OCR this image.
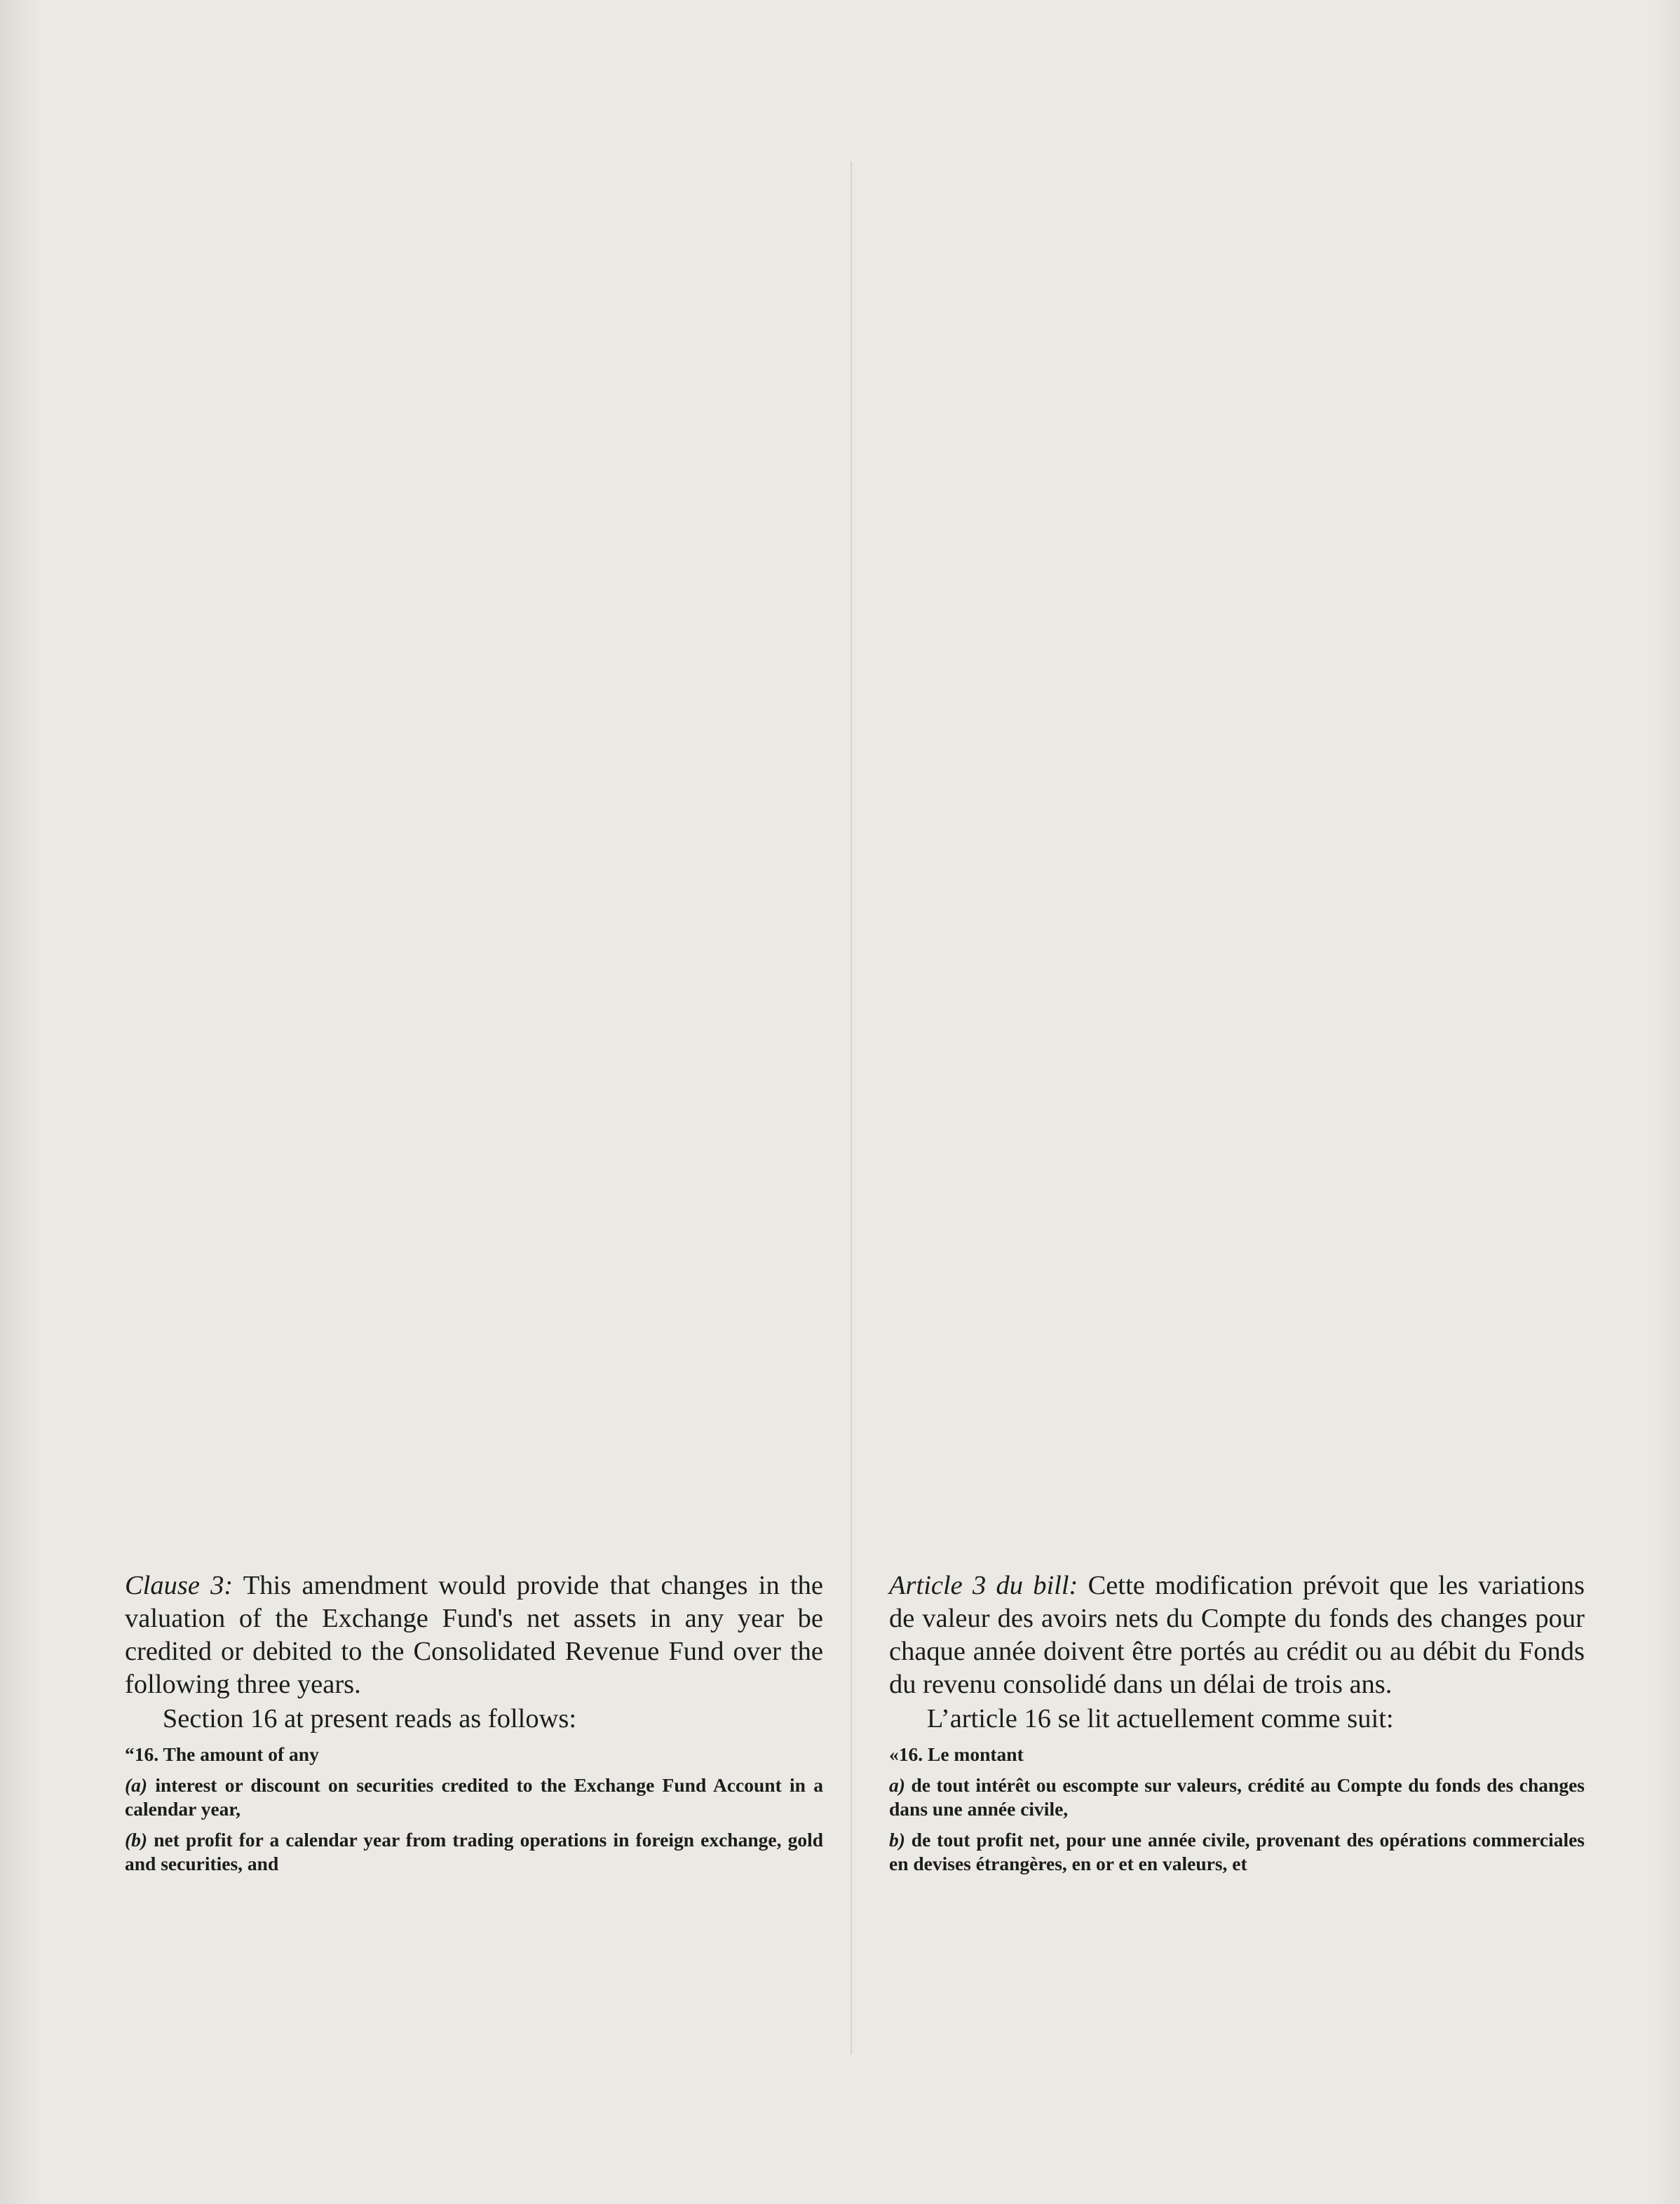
Clause 3: This amendment would provide that changes in the valuation of the Exchange Fund's net assets in any year be credited or debited to the Consolidated Revenue Fund over the following three years.

Section 16 at present reads as follows:

“16. The amount of any

(a) interest or discount on securities credited to the Exchange Fund Account in a calendar year,

(b) net profit for a calendar year from trading operations in foreign exchange, gold and securities, and

Article 3 du bill: Cette modification prévoit que les variations de valeur des avoirs nets du Compte du fonds des changes pour chaque année doivent être portés au crédit ou au débit du Fonds du revenu consolidé dans un délai de trois ans.

L’article 16 se lit actuellement comme suit:

«16. Le montant

a) de tout intérêt ou escompte sur valeurs, crédité au Compte du fonds des changes dans une année civile,

b) de tout profit net, pour une année civile, provenant des opérations commerciales en devises étrangères, en or et en valeurs, et
